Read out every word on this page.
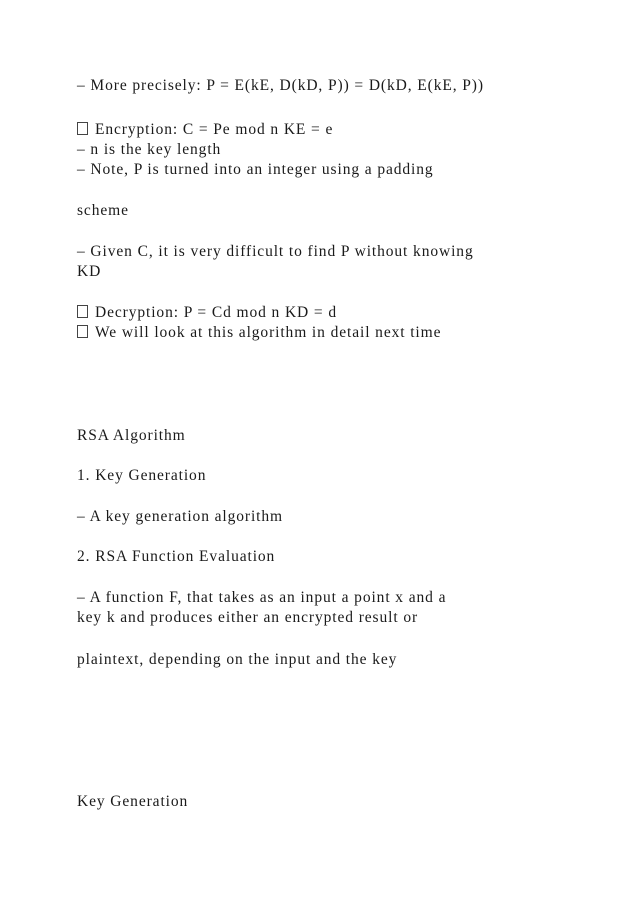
– More precisely: P = E(kE, D(kD, P)) = D(kD, E(kE, P))
Encryption: C = Pe mod n KE = e
– n is the key length
– Note, P is turned into an integer using a padding
scheme
– Given C, it is very difficult to find P without knowing
KD
Decryption: P = Cd mod n KD = d
We will look at this algorithm in detail next time
RSA Algorithm
1. Key Generation
– A key generation algorithm
2. RSA Function Evaluation
– A function F, that takes as an input a point x and a
key k and produces either an encrypted result or
plaintext, depending on the input and the key
Key Generation
